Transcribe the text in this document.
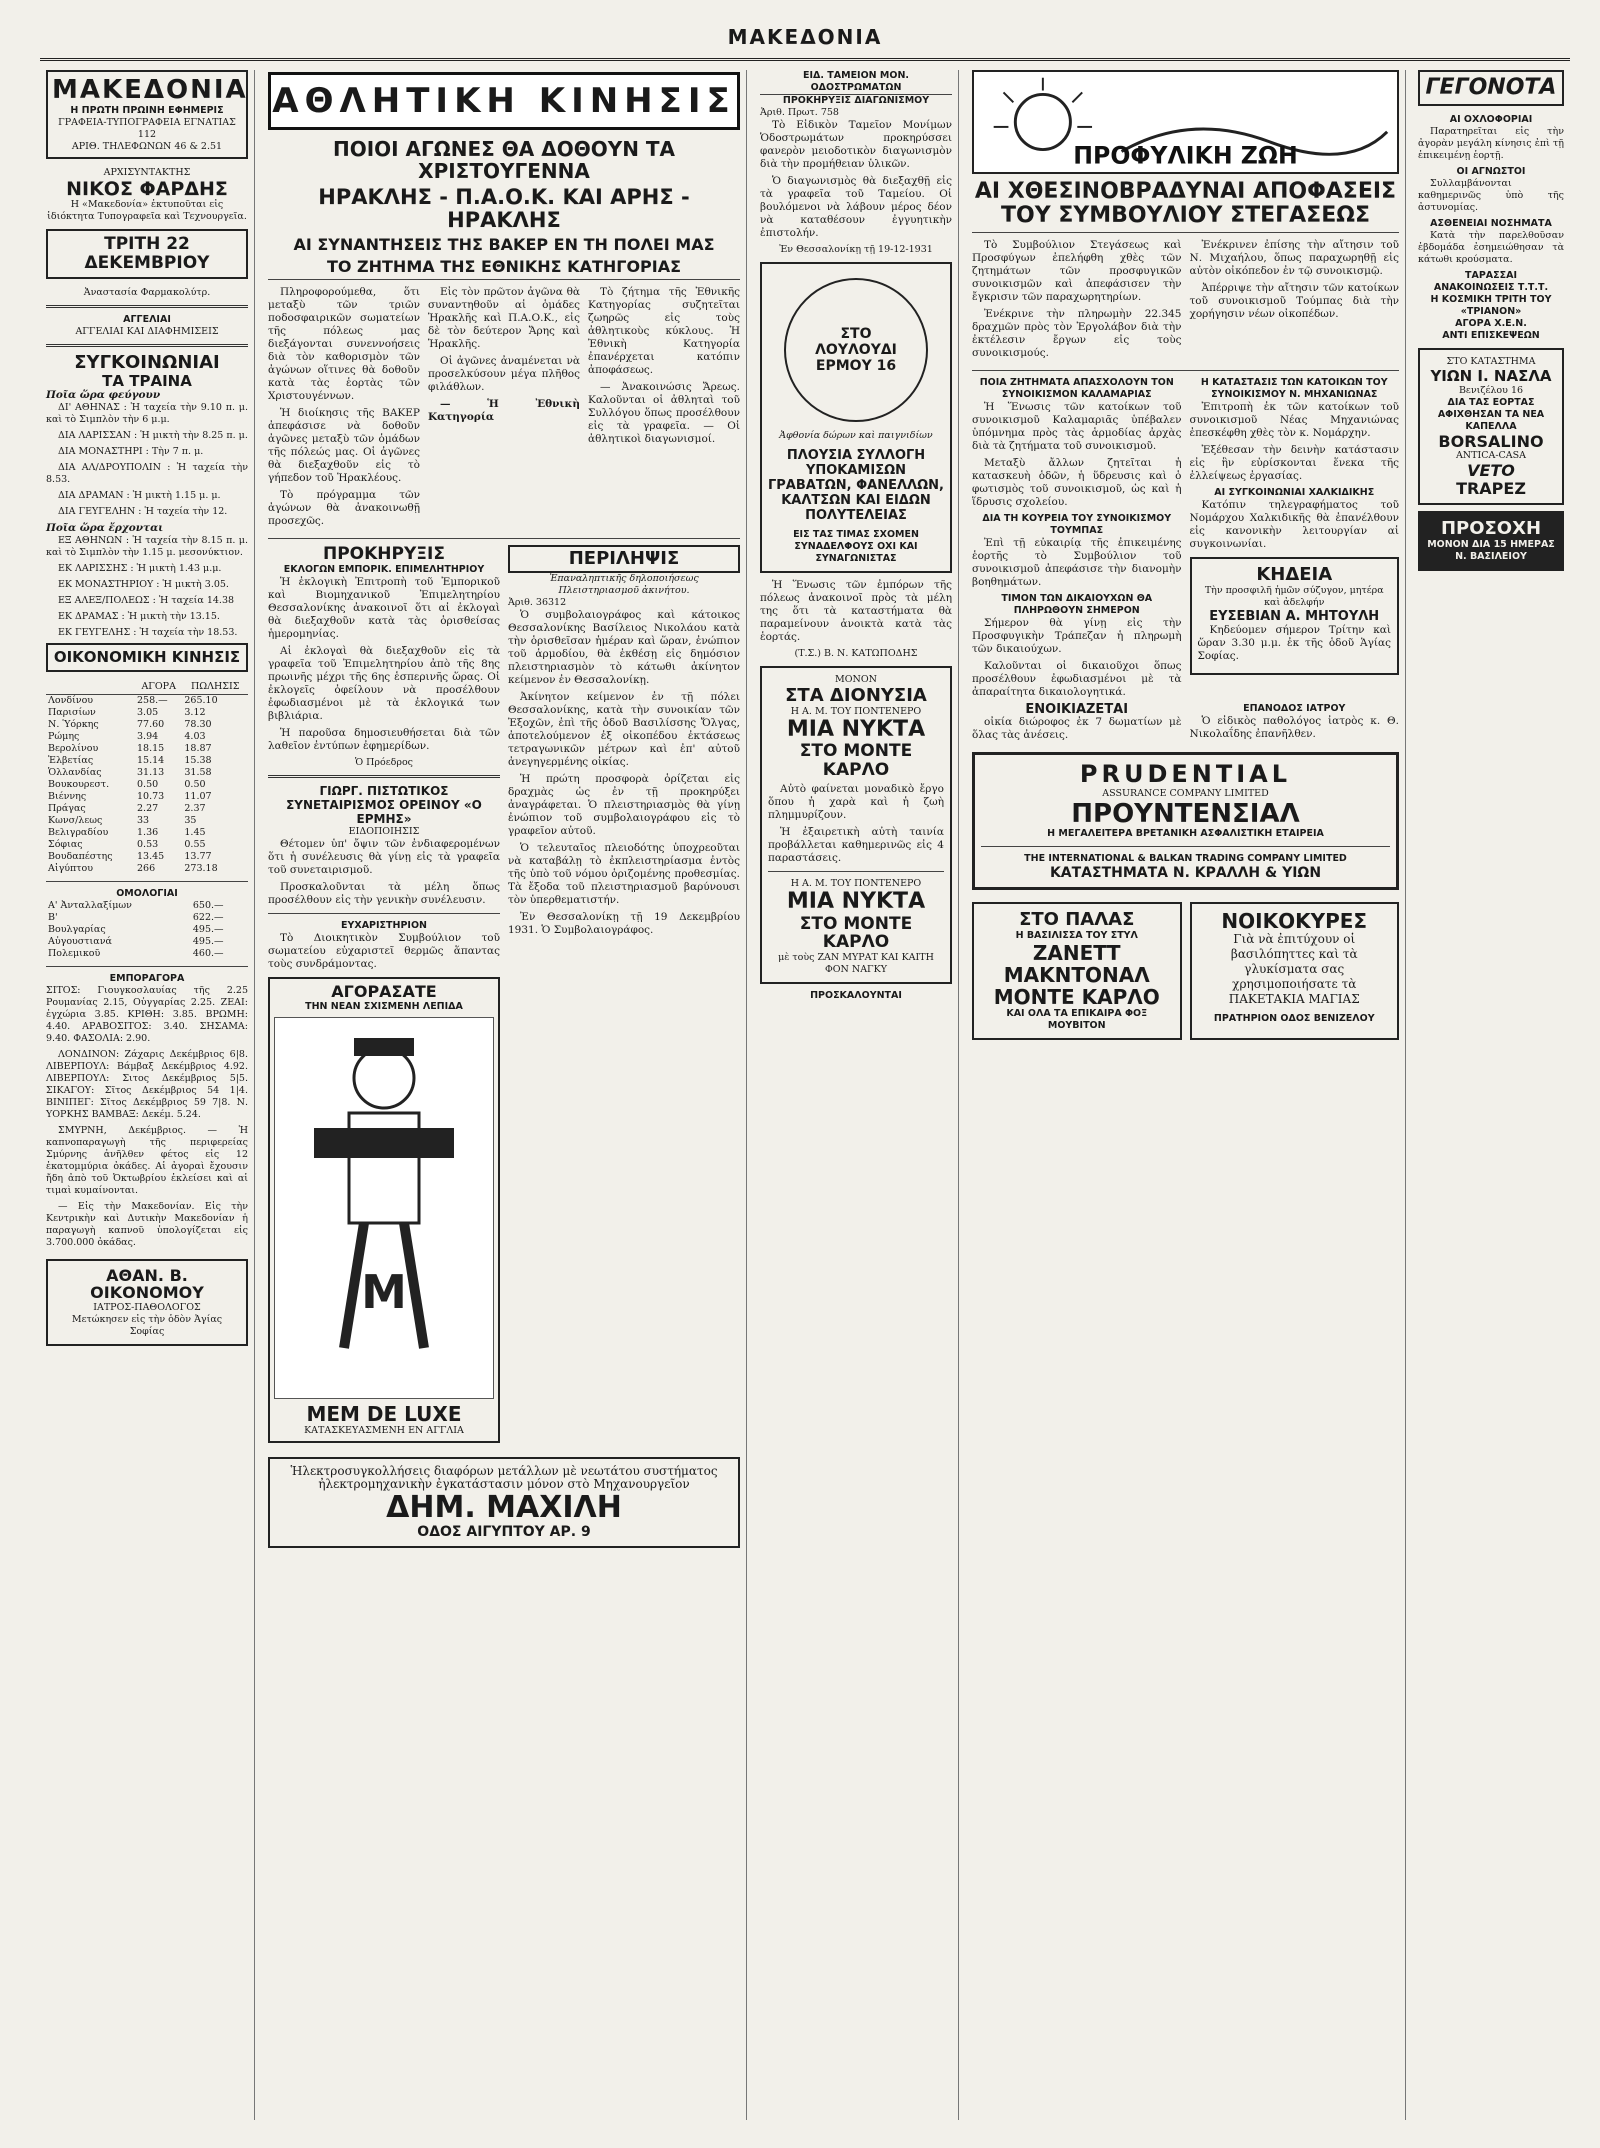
ΜΑΚΕΔΟΝΙΑ
ΜΑΚΕΔΟΝΙΑ
Η ΠΡΩΤΗ ΠΡΩΙΝΗ ΕΦΗΜΕΡΙΣ
ΓΡΑΦΕΙΑ-ΤΥΠΟΓΡΑΦΕΙΑ ΕΓΝΑΤΙΑΣ 112
ΑΡΙΘ. ΤΗΛΕΦΩΝΩΝ 46 & 2.51
ΑΡΧΙΣΥΝΤΑΚΤΗΣ
ΝΙΚΟΣ ΦΑΡΔΗΣ
Η «Μακεδονία» ἐκτυποῦται εἰς ἰδιόκτητα Τυπογραφεῖα καὶ Τεχνουργεῖα.
ΤΡΙΤΗ 22 ΔΕΚΕΜΒΡΙΟΥ
Ἀναστασία Φαρμακολύτρ.
ΑΓΓΕΛΙΑΙ
ΑΓΓΕΛΙΑΙ ΚΑΙ ΔΙΑΦΗΜΙΣΕΙΣ
ΣΥΓΚΟΙΝΩΝΙΑΙ
ΤΑ ΤΡΑΙΝΑ
Ποῖα ὥρα φεύγουν

ΔΙ' ΑΘΗΝΑΣ : Ἡ ταχεία τὴν 9.10 π. μ. καὶ τὸ Σιμπλὸν τὴν 6 μ.μ.

ΔΙΑ ΛΑΡΙΣΣΑΝ : Ἡ μικτὴ τὴν 8.25 π. μ.

ΔΙΑ ΜΟΝΑΣΤΗΡΙ : Τὴν 7 π. μ.

ΔΙΑ ΑΛ/ΔΡΟΥΠΟΛΙΝ : Ἡ ταχεία τὴν 8.53.

ΔΙΑ ΔΡΑΜΑΝ : Ἡ μικτὴ 1.15 μ. μ.

ΔΙΑ ΓΕΥΓΕΛΗΝ : Ἡ ταχεία τὴν 12.

Ποῖα ὥρα ἔρχονται

ΕΞ ΑΘΗΝΩΝ : Ἡ ταχεία τὴν 8.15 π. μ. καὶ τὸ Σιμπλὸν τὴν 1.15 μ. μεσονύκτιον.

ΕΚ ΛΑΡΙΣΣΗΣ : Ἡ μικτὴ 1.43 μ.μ.

ΕΚ ΜΟΝΑΣΤΗΡΙΟΥ : Ἡ μικτὴ 3.05.

ΕΞ ΑΛΕΞ/ΠΟΛΕΩΣ : Ἡ ταχεία 14.38

ΕΚ ΔΡΑΜΑΣ : Ἡ μικτὴ τὴν 13.15.

ΕΚ ΓΕΥΓΕΛΗΣ : Ἡ ταχεία τὴν 18.53.

ΟΙΚΟΝΟΜΙΚΗ ΚΙΝΗΣΙΣ
	ΑΓΟΡΑ	ΠΩΛΗΣΙΣ
Λονδίνου	258.—	265.10
Παρισίων	3.05	3.12
Ν. Ὑόρκης	77.60	78.30
Ρώμης	3.94	4.03
Βερολίνου	18.15	18.87
Ἑλβετίας	15.14	15.38
Ὁλλανδίας	31.13	31.58
Βουκουρεστ.	0.50	0.50
Βιέννης	10.73	11.07
Πράγας	2.27	2.37
Κωνσ/λεως	33	35
Βελιγραδίου	1.36	1.45
Σόφιας	0.53	0.55
Βουδαπέστης	13.45	13.77
Αἰγύπτου	266	273.18
ΟΜΟΛΟΓΙΑΙ
Α' Ἀνταλλαξίμων	650.—
Β'	622.—
Βουλγαρίας	495.—
Αὐγουστιανά	495.—
Πολεμικοῦ	460.—
ΕΜΠΟΡΑΓΟΡΑ
ΣΙΤΟΣ: Γιουγκοσλαυίας τῆς 2.25 Ρουμανίας 2.15, Οὐγγαρίας 2.25. ΖΕΑΙ: ἐγχώρια 3.85. ΚΡΙΘΗ: 3.85. ΒΡΩΜΗ: 4.40. ΑΡΑΒΟΣΙΤΟΣ: 3.40. ΣΗΣΑΜΑ: 9.40. ΦΑΣΟΛΙΑ: 2.90.

ΛΟΝΔΙΝΟΝ: Ζάχαρις Δεκέμβριος 6|8. ΛΙΒΕΡΠΟΥΛ: Βάμβαξ Δεκέμβριος 4.92. ΛΙΒΕΡΠΟΥΛ: Σιτος Δεκέμβριος 5|5. ΣΙΚΑΓΟΥ: Σῖτος Δεκέμβριος 54 1|4. ΒΙΝΙΠΕΓ: Σῖτος Δεκέμβριος 59 7|8. Ν. ΥΟΡΚΗΣ ΒΑΜΒΑΞ: Δεκέμ. 5.24.

ΣΜΥΡΝΗ, Δεκέμβριος. — Ἡ καπνοπαραγωγὴ τῆς περιφερείας Σμύρνης ἀνῆλθεν φέτος εἰς 12 ἑκατομμύρια ὀκάδες. Αἱ ἀγοραὶ ἔχουσιν ἤδη ἀπὸ τοῦ Ὀκτωβρίου ἐκλείσει καὶ αἱ τιμαὶ κυμαίνονται.

— Εἰς τὴν Μακεδονίαν. Εἰς τὴν Κεντρικὴν καὶ Δυτικὴν Μακεδονίαν ἡ παραγωγὴ καπνοῦ ὑπολογίζεται εἰς 3.700.000 ὀκάδας.

ΑΘΑΝ. Β. ΟΙΚΟΝΟΜΟΥ
ΙΑΤΡΟΣ-ΠΑΘΟΛΟΓΟΣ
Μετώκησεν εἰς τὴν ὁδὸν Ἀγίας Σοφίας
ΑΘΛΗΤΙΚΗ ΚΙΝΗΣΙΣ
ΠΟΙΟΙ ΑΓΩΝΕΣ ΘΑ ΔΟΘΟΥΝ ΤΑ ΧΡΙΣΤΟΥΓΕΝΝΑ
ΗΡΑΚΛΗΣ - Π.Α.Ο.Κ. ΚΑΙ ΑΡΗΣ - ΗΡΑΚΛΗΣ
ΑΙ ΣΥΝΑΝΤΗΣΕΙΣ ΤΗΣ ΒΑΚΕΡ ΕΝ ΤΗ ΠΟΛΕΙ ΜΑΣ
ΤΟ ΖΗΤΗΜΑ ΤΗΣ ΕΘΝΙΚΗΣ ΚΑΤΗΓΟΡΙΑΣ

Πληροφορούμεθα, ὅτι μεταξὺ τῶν τριῶν ποδοσφαιρικῶν σωματείων τῆς πόλεως μας διεξάγονται συνεννοήσεις διὰ τὸν καθορισμὸν τῶν ἀγώνων οἵτινες θὰ δοθοῦν κατὰ τὰς ἑορτὰς τῶν Χριστουγέννων.

Ἡ διοίκησις τῆς ΒΑΚΕΡ ἀπεφάσισε νὰ δοθοῦν ἀγῶνες μεταξὺ τῶν ὁμάδων τῆς πόλεώς μας. Οἱ ἀγῶνες θὰ διεξαχθοῦν εἰς τὸ γήπεδον τοῦ Ἡρακλέους.

Τὸ πρόγραμμα τῶν ἀγώνων θὰ ἀνακοινωθῇ προσεχῶς.

Εἰς τὸν πρῶτον ἀγῶνα θὰ συναντηθοῦν αἱ ὁμάδες Ἡρακλῆς καὶ Π.Α.Ο.Κ., εἰς δὲ τὸν δεύτερον Ἄρης καὶ Ἡρακλῆς.

Οἱ ἀγῶνες ἀναμένεται νὰ προσελκύσουν μέγα πλῆθος φιλάθλων.

— Ἡ Ἐθνικὴ Κατηγορία

Τὸ ζήτημα τῆς Ἐθνικῆς Κατηγορίας συζητεῖται ζωηρῶς εἰς τοὺς ἀθλητικοὺς κύκλους. Ἡ Ἐθνικὴ Κατηγορία ἐπανέρχεται κατόπιν ἀποφάσεως.

— Ἀνακοινώσις Ἄρεως. Καλοῦνται οἱ ἀθληταὶ τοῦ Συλλόγου ὅπως προσέλθουν εἰς τὰ γραφεῖα. — Οἱ ἀθλητικοὶ διαγωνισμοί.

ΠΡΟΚΗΡΥΞΙΣ
ΕΚΛΟΓΩΝ ΕΜΠΟΡΙΚ. ΕΠΙΜΕΛΗΤΗΡΙΟΥ

Ἡ ἐκλογικὴ Ἐπιτροπὴ τοῦ Ἐμπορικοῦ καὶ Βιομηχανικοῦ Ἐπιμελητηρίου Θεσσαλονίκης ἀνακοινοῖ ὅτι αἱ ἐκλογαὶ θὰ διεξαχθοῦν κατὰ τὰς ὁρισθείσας ἡμερομηνίας.

Αἱ ἐκλογαὶ θὰ διεξαχθοῦν εἰς τὰ γραφεῖα τοῦ Ἐπιμελητηρίου ἀπὸ τῆς 8ης πρωινῆς μέχρι τῆς 6ης ἑσπερινῆς ὥρας. Οἱ ἐκλογεῖς ὀφείλουν νὰ προσέλθουν ἐφωδιασμένοι μὲ τὰ ἐκλογικά των βιβλιάρια.

Ἡ παροῦσα δημοσιευθήσεται διὰ τῶν λαθεῖον ἐντύπων ἐφημερίδων.

Ὁ Πρόεδρος
ΓΙΩΡΓ. ΠΙΣΤΩΤΙΚΟΣ ΣΥΝΕΤΑΙΡΙΣΜΟΣ ΟΡΕΙΝΟΥ «Ο ΕΡΜΗΣ»
ΕΙΔΟΠΟΙΗΣΙΣ

Θέτομεν ὑπ' ὄψιν τῶν ἐνδιαφερομένων ὅτι ἡ συνέλευσις θὰ γίνῃ εἰς τὰ γραφεῖα τοῦ συνεταιρισμοῦ.

Προσκαλοῦνται τὰ μέλη ὅπως προσέλθουν εἰς τὴν γενικὴν συνέλευσιν.

ΕΥΧΑΡΙΣΤΗΡΙΟΝ

Τὸ Διοικητικὸν Συμβούλιον τοῦ σωματείου εὐχαριστεῖ θερμῶς ἅπαντας τοὺς συνδράμοντας.

ΑΓΟΡΑΣΑΤΕ
ΤΗΝ ΝΕΑΝ ΣΧΙΣΜΕΝΗ ΛΕΠΙΔΑ
M
MEM DE LUXE
ΚΑΤΑΣΚΕΥΑΣΜΕΝΗ ΕΝ ΑΓΓΛΙΑ
ΠΕΡΙΛΗΨΙΣ
Ἐπαναληπτικῆς δηλοποιήσεως Πλειστηριασμοῦ ἀκινήτου.
Ἀριθ. 36312

Ὁ συμβολαιογράφος καὶ κάτοικος Θεσσαλονίκης Βασίλειος Νικολάου κατὰ τὴν ὁρισθεῖσαν ἡμέραν καὶ ὥραν, ἐνώπιον τοῦ ἁρμοδίου, θὰ ἐκθέσῃ εἰς δημόσιον πλειστηριασμὸν τὸ κάτωθι ἀκίνητον κείμενον ἐν Θεσσαλονίκῃ.

Ἀκίνητον κείμενον ἐν τῇ πόλει Θεσσαλονίκης, κατὰ τὴν συνοικίαν τῶν Ἐξοχῶν, ἐπὶ τῆς ὁδοῦ Βασιλίσσης Ὄλγας, ἀποτελούμενον ἐξ οἰκοπέδου ἐκτάσεως τετραγωνικῶν μέτρων καὶ ἐπ' αὐτοῦ ἀνεγηγερμένης οἰκίας.

Ἡ πρώτη προσφορὰ ὁρίζεται εἰς δραχμὰς ὡς ἐν τῇ προκηρύξει ἀναγράφεται. Ὁ πλειστηριασμὸς θὰ γίνῃ ἐνώπιον τοῦ συμβολαιογράφου εἰς τὸ γραφεῖον αὐτοῦ.

Ὁ τελευταῖος πλειοδότης ὑποχρεοῦται νὰ καταβάλῃ τὸ ἐκπλειστηρίασμα ἐντὸς τῆς ὑπὸ τοῦ νόμου ὁριζομένης προθεσμίας. Τὰ ἔξοδα τοῦ πλειστηριασμοῦ βαρύνουσι τὸν ὑπερθεματιστήν.

Ἐν Θεσσαλονίκῃ τῇ 19 Δεκεμβρίου 1931. Ὁ Συμβολαιογράφος.

Ἡλεκτροσυγκολλήσεις διαφόρων μετάλλων μὲ νεωτάτου συστήματος ἠλεκτρομηχανικὴν ἐγκατάστασιν μόνον στὸ Μηχανουργεῖον
ΔΗΜ. ΜΑΧΙΛΗ
ΟΔΟΣ ΑΙΓΥΠΤΟΥ ΑΡ. 9
ΕΙΔ. ΤΑΜΕΙΟΝ ΜΟΝ. ΟΔΟΣΤΡΩΜΑΤΩΝ
ΠΡΟΚΗΡΥΞΙΣ ΔΙΑΓΩΝΙΣΜΟΥ
Ἀριθ. Πρωτ. 758

Τὸ Εἰδικὸν Ταμεῖον Μονίμων Ὁδοστρωμάτων προκηρύσσει φανερὸν μειοδοτικὸν διαγωνισμὸν διὰ τὴν προμήθειαν ὑλικῶν.

Ὁ διαγωνισμὸς θὰ διεξαχθῇ εἰς τὰ γραφεῖα τοῦ Ταμείου. Οἱ βουλόμενοι νὰ λάβουν μέρος δέον νὰ καταθέσουν ἐγγυητικὴν ἐπιστολήν.

Ἐν Θεσσαλονίκῃ τῇ 19-12-1931
ΣΤΟ
ΛΟΥΛΟΥΔΙ
ΕΡΜΟΥ 16
Ἀφθονία δώρων καὶ παιγνιδίων
ΠΛΟΥΣΙΑ ΣΥΛΛΟΓΗ ΥΠΟΚΑΜΙΣΩΝ ΓΡΑΒΑΤΩΝ, ΦΑΝΕΛΛΩΝ, ΚΑΛΤΣΩΝ ΚΑΙ ΕΙΔΩΝ ΠΟΛΥΤΕΛΕΙΑΣ
ΕΙΣ ΤΑΣ ΤΙΜΑΣ ΣΧΟΜΕΝ ΣΥΝΑΔΕΛΦΟΥΣ ΟΧΙ ΚΑΙ ΣΥΝΑΓΩΝΙΣΤΑΣ

Ἡ Ἕνωσις τῶν ἐμπόρων τῆς πόλεως ἀνακοινοῖ πρὸς τὰ μέλη της ὅτι τὰ καταστήματα θὰ παραμείνουν ἀνοικτὰ κατὰ τὰς ἑορτάς.

(Τ.Σ.) Β. Ν. ΚΑΤΩΠΟΔΗΣ
ΜΟΝΟΝ
ΣΤΑ ΔΙΟΝΥΣΙΑ
Η Α. Μ. ΤΟΥ ΠΟΝΤΕΝΕΡΟ
ΜΙΑ ΝΥΚΤΑ
ΣΤΟ ΜΟΝΤΕ ΚΑΡΛΟ

Αὐτὸ φαίνεται μοναδικὸ ἔργο ὅπου ἡ χαρὰ καὶ ἡ ζωὴ πλημμυρίζουν.

Ἡ ἐξαιρετικὴ αὐτὴ ταινία προβάλλεται καθημερινῶς εἰς 4 παραστάσεις.

Η Α. Μ. ΤΟΥ ΠΟΝΤΕΝΕΡΟ
ΜΙΑ ΝΥΚΤΑ
ΣΤΟ ΜΟΝΤΕ ΚΑΡΛΟ
μὲ τοὺς ΖΑΝ ΜΥΡΑΤ ΚΑΙ ΚΑΙΤΗ ΦΟΝ ΝΑΓΚΥ
ΠΡΟΣΚΑΛΟΥΝΤΑΙ
ΠΡΟΦΥΛΙΚΗ ΖΩΗ
ΑΙ ΧΘΕΣΙΝΟΒΡΑΔΥΝΑΙ ΑΠΟΦΑΣΕΙΣ
ΤΟΥ ΣΥΜΒΟΥΛΙΟΥ ΣΤΕΓΑΣΕΩΣ

Τὸ Συμβούλιον Στεγάσεως καὶ Προσφύγων ἐπελήφθη χθὲς τῶν ζητημάτων τῶν προσφυγικῶν συνοικισμῶν καὶ ἀπεφάσισεν τὴν ἔγκρισιν τῶν παραχωρητηρίων.

Ἐνέκρινε τὴν πληρωμὴν 22.345 δραχμῶν πρὸς τὸν Ἐργολάβον διὰ τὴν ἐκτέλεσιν ἔργων εἰς τοὺς συνοικισμούς.

Ἐνέκρινεν ἐπίσης τὴν αἴτησιν τοῦ Ν. Μιχαήλου, ὅπως παραχωρηθῇ εἰς αὐτὸν οἰκόπεδον ἐν τῷ συνοικισμῷ.

Ἀπέρριψε τὴν αἴτησιν τῶν κατοίκων τοῦ συνοικισμοῦ Τούμπας διὰ τὴν χορήγησιν νέων οἰκοπέδων.

ΠΟΙΑ ΖΗΤΗΜΑΤΑ ΑΠΑΣΧΟΛΟΥΝ ΤΟΝ ΣΥΝΟΙΚΙΣΜΟΝ ΚΑΛΑΜΑΡΙΑΣ

Ἡ Ἕνωσις τῶν κατοίκων τοῦ συνοικισμοῦ Καλαμαριᾶς ὑπέβαλεν ὑπόμνημα πρὸς τὰς ἁρμοδίας ἀρχὰς διὰ τὰ ζητήματα τοῦ συνοικισμοῦ.

Μεταξὺ ἄλλων ζητεῖται ἡ κατασκευὴ ὁδῶν, ἡ ὕδρευσις καὶ ὁ φωτισμὸς τοῦ συνοικισμοῦ, ὡς καὶ ἡ ἵδρυσις σχολείου.

ΔΙΑ ΤΗ ΚΟΥΡΕΙΑ ΤΟΥ ΣΥΝΟΙΚΙΣΜΟΥ ΤΟΥΜΠΑΣ

Ἐπὶ τῇ εὐκαιρίᾳ τῆς ἐπικειμένης ἑορτῆς τὸ Συμβούλιον τοῦ συνοικισμοῦ ἀπεφάσισε τὴν διανομὴν βοηθημάτων.

ΤΙΜΟΝ ΤΩΝ ΔΙΚΑΙΟΥΧΩΝ ΘΑ ΠΛΗΡΩΘΟΥΝ ΣΗΜΕΡΟΝ

Σήμερον θὰ γίνῃ εἰς τὴν Προσφυγικὴν Τράπεζαν ἡ πληρωμὴ τῶν δικαιούχων.

Καλοῦνται οἱ δικαιοῦχοι ὅπως προσέλθουν ἐφωδιασμένοι μὲ τὰ ἀπαραίτητα δικαιολογητικά.

Η ΚΑΤΑΣΤΑΣΙΣ ΤΩΝ ΚΑΤΟΙΚΩΝ ΤΟΥ ΣΥΝΟΙΚΙΣΜΟΥ Ν. ΜΗΧΑΝΙΩΝΑΣ

Ἐπιτροπὴ ἐκ τῶν κατοίκων τοῦ συνοικισμοῦ Νέας Μηχανιώνας ἐπεσκέφθη χθὲς τὸν κ. Νομάρχην.

Ἐξέθεσαν τὴν δεινὴν κατάστασιν εἰς ἣν εὑρίσκονται ἕνεκα τῆς ἐλλείψεως ἐργασίας.

ΑΙ ΣΥΓΚΟΙΝΩΝΙΑΙ ΧΑΛΚΙΔΙΚΗΣ

Κατόπιν τηλεγραφήματος τοῦ Νομάρχου Χαλκιδικῆς θὰ ἐπανέλθουν εἰς κανονικὴν λειτουργίαν αἱ συγκοινωνίαι.

ΚΗΔΕΙΑ
Τὴν προσφιλῆ ἡμῶν σύζυγον, μητέρα καὶ ἀδελφήν
ΕΥΣΕΒΙΑΝ Α. ΜΗΤΟΥΛΗ

Κηδεύομεν σήμερον Τρίτην καὶ ὥραν 3.30 μ.μ. ἐκ τῆς ὁδοῦ Ἁγίας Σοφίας.

ΕΝΟΙΚΙΑΖΕΤΑΙ

οἰκία διώροφος ἐκ 7 δωματίων μὲ ὅλας τὰς ἀνέσεις.

ΕΠΑΝΟΔΟΣ ΙΑΤΡΟΥ

Ὁ εἰδικὸς παθολόγος ἰατρὸς κ. Θ. Νικολαΐδης ἐπανῆλθεν.

PRUDENTIAL
ASSURANCE COMPANY LIMITED
ΠΡΟΥΝΤΕΝΣΙΑΛ
Η ΜΕΓΑΛΕΙΤΕΡΑ ΒΡΕΤΑΝΙΚΗ ΑΣΦΑΛΙΣΤΙΚΗ ΕΤΑΙΡΕΙΑ
THE INTERNATIONAL & BALKAN TRADING COMPANY LIMITED
ΚΑΤΑΣΤΗΜΑΤΑ Ν. ΚΡΑΛΛΗ & ΥΙΩΝ
ΣΤΟ ΠΑΛΑΣ
Η ΒΑΣΙΛΙΣΣΑ ΤΟΥ ΣΤΥΛ
ΖΑΝΕΤΤ ΜΑΚΝΤΟΝΑΛ
ΜΟΝΤΕ ΚΑΡΛΟ
ΚΑΙ ΟΛΑ ΤΑ ΕΠΙΚΑΙΡΑ ΦΟΞ ΜΟΥΒΙΤΟΝ
ΝΟΙΚΟΚΥΡΕΣ
Γιὰ νὰ ἐπιτύχουν οἱ βασιλόπηττες καὶ τὰ γλυκίσματα σας χρησιμοποιήσατε τὰ ΠΑΚΕΤΑΚΙΑ ΜΑΓΙΑΣ
ΠΡΑΤΗΡΙΟΝ ΟΔΟΣ ΒΕΝΙΖΕΛΟΥ
ΓΕΓΟΝΟΤΑ
ΑΙ ΟΧΛΟΦΟΡΙΑΙ

Παρατηρεῖται εἰς τὴν ἀγορὰν μεγάλη κίνησις ἐπὶ τῇ ἐπικειμένῃ ἑορτῇ.

ΟΙ ΑΓΝΩΣΤΟΙ

Συλλαμβάνονται καθημερινῶς ὑπὸ τῆς ἀστυνομίας.

ΑΣΘΕΝΕΙΑΙ ΝΟΣΗΜΑΤΑ

Κατὰ τὴν παρελθοῦσαν ἑβδομάδα ἐσημειώθησαν τὰ κάτωθι κρούσματα.

ΤΑΡΑΣΣΑΙ
ΑΝΑΚΟΙΝΩΣΕΙΣ Τ.Τ.Τ.
Η ΚΟΣΜΙΚΗ ΤΡΙΤΗ ΤΟΥ «ΤΡΙΑΝΟΝ»
ΑΓΟΡΑ Χ.Ε.Ν.
ΑΝΤΙ ΕΠΙΣΚΕΨΕΩΝ
ΣΤΟ ΚΑΤΑΣΤΗΜΑ
ΥΙΩΝ Ι. ΝΑΣΛΑ
Βενιζέλου 16
ΔΙΑ ΤΑΣ ΕΟΡΤΑΣ ΑΦΙΧΘΗΣΑΝ ΤΑ ΝΕΑ ΚΑΠΕΛΛΑ
BORSALINO
ANTICA-CASA
VETO
TRAPEZ
ΠΡΟΣΟΧΗ
ΜΟΝΟΝ ΔΙΑ 15 ΗΜΕΡΑΣ
Ν. ΒΑΣΙΛΕΙΟΥ
